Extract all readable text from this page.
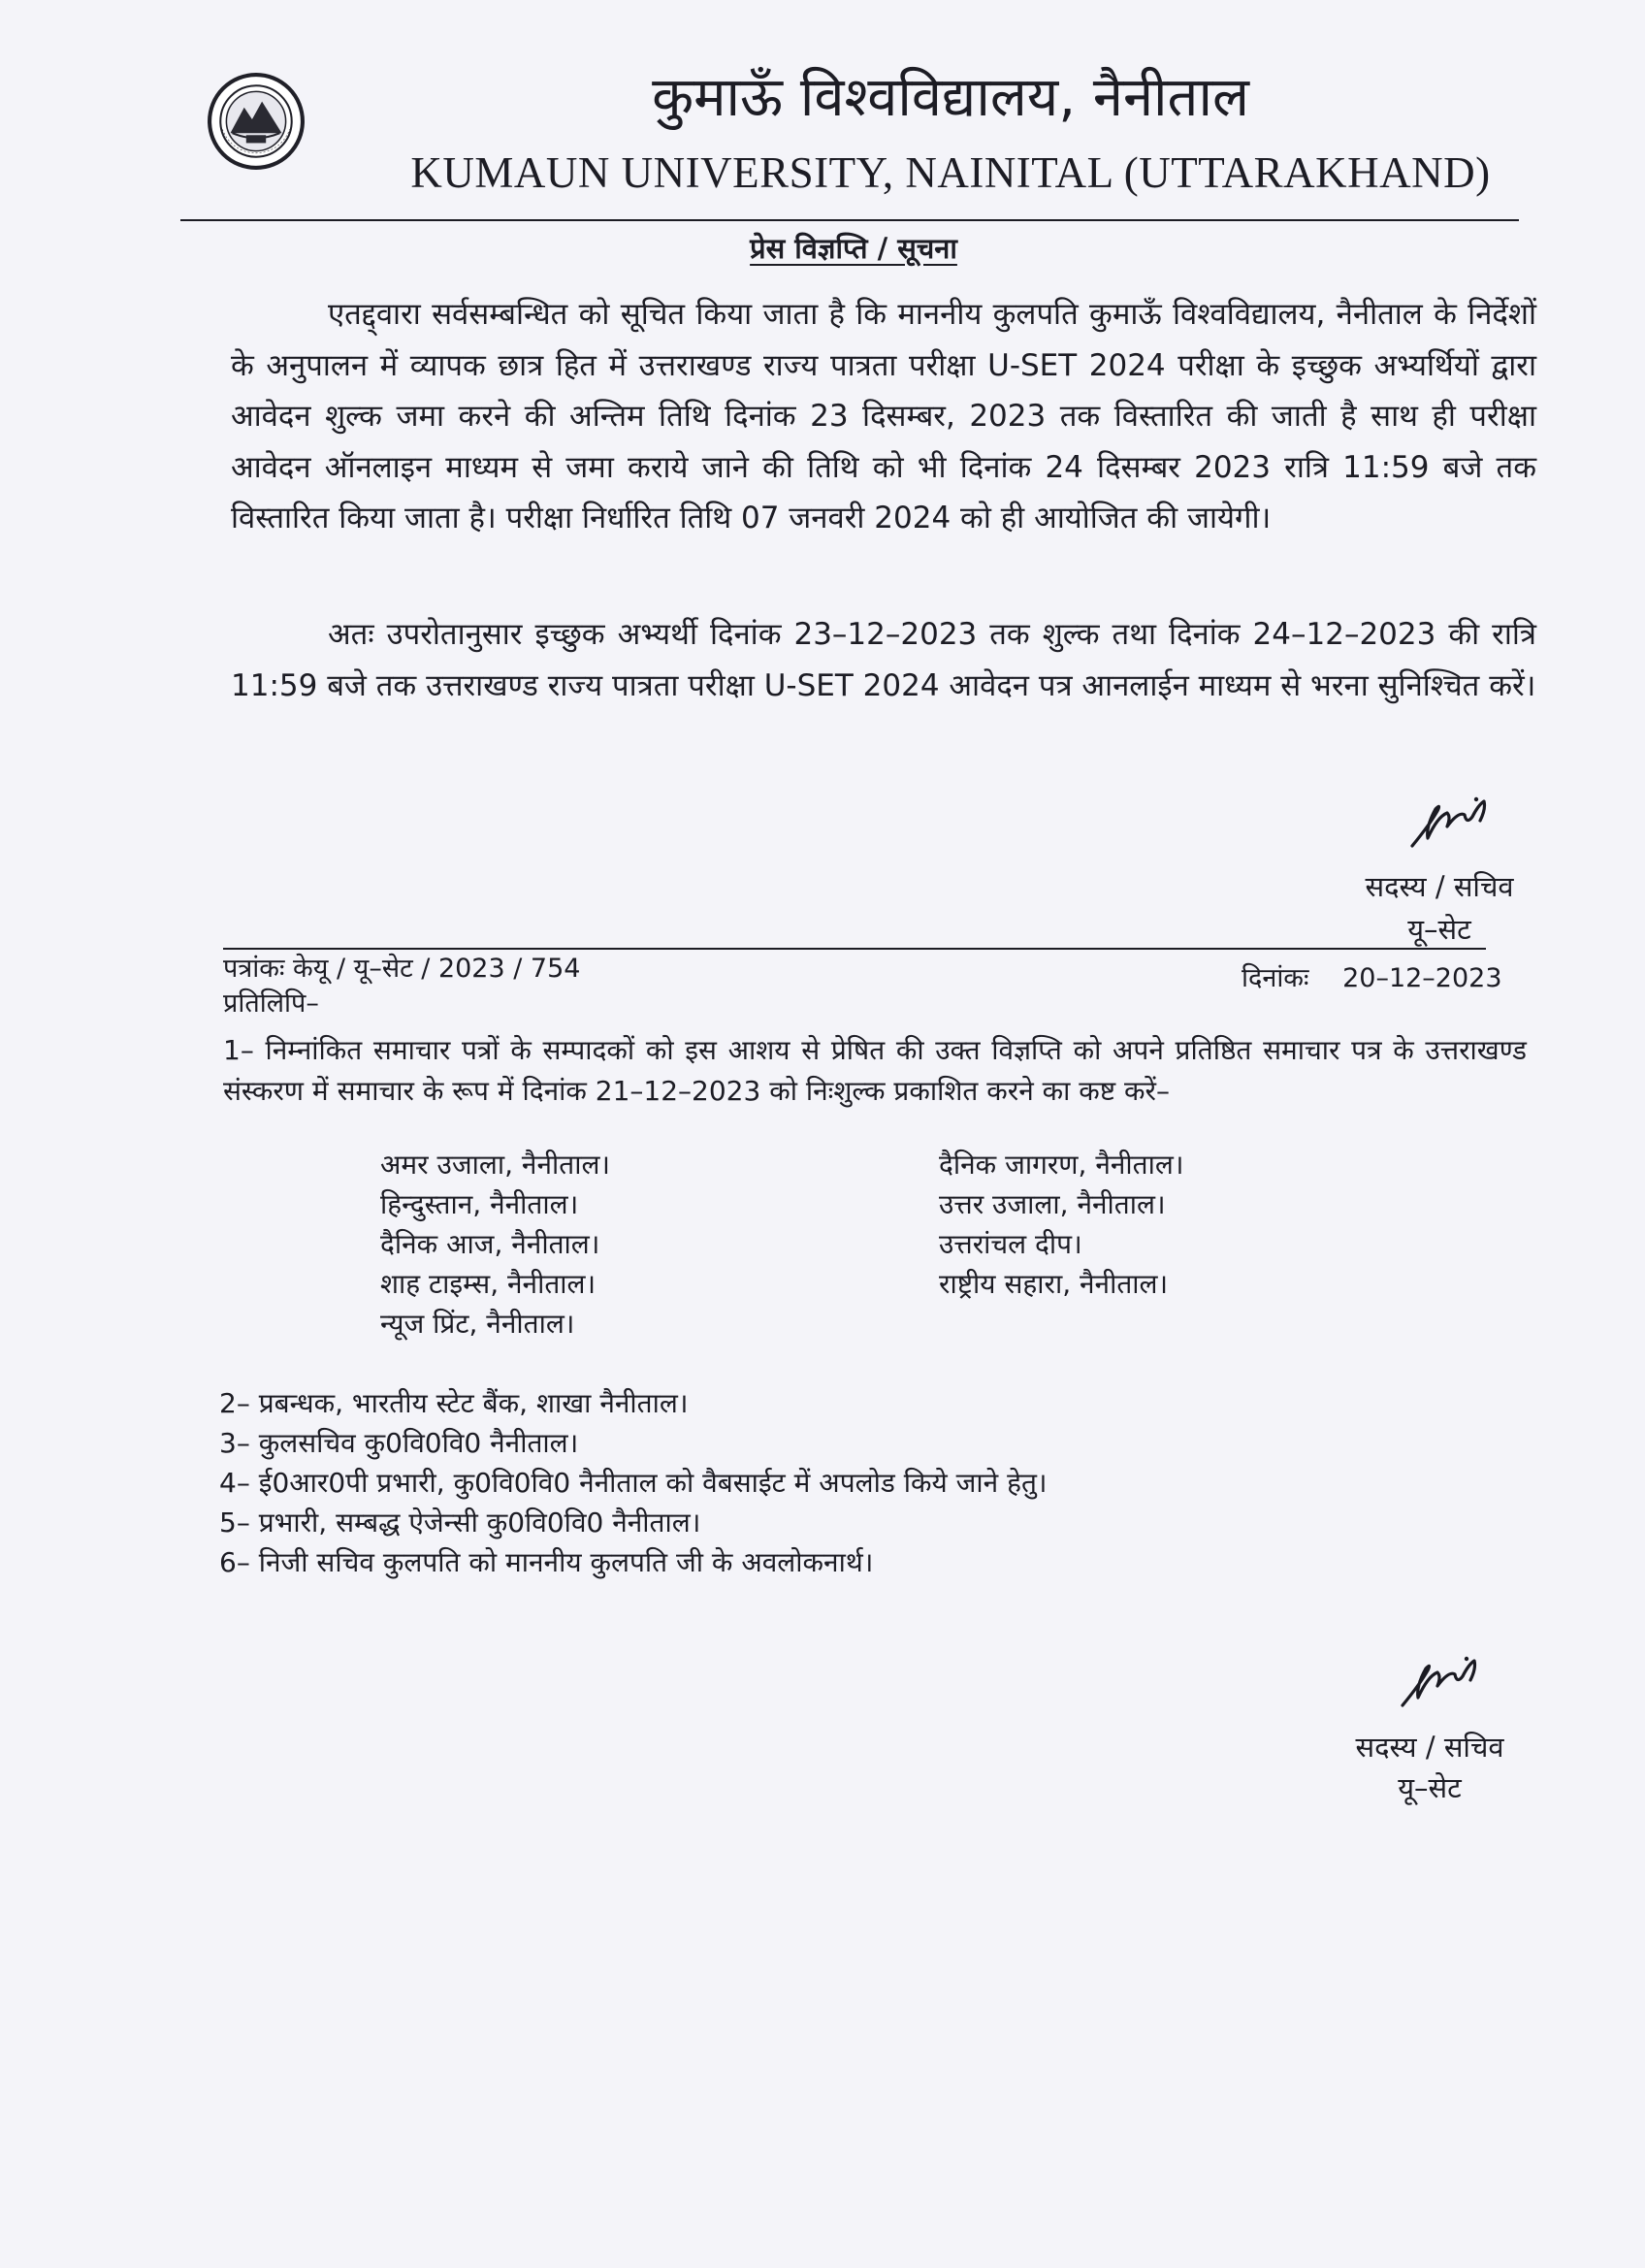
कुमाऊँ विश्वविद्यालय, नैनीताल
KUMAUN UNIVERSITY, NAINITAL (UTTARAKHAND)
प्रेस विज्ञप्ति / सूचना
एतद्द्वारा सर्वसम्बन्धित को सूचित किया जाता है कि माननीय कुलपति कुमाऊँ विश्वविद्यालय, नैनीताल के निर्देशों के अनुपालन में व्यापक छात्र हित में उत्तराखण्ड राज्य पात्रता परीक्षा U-SET 2024 परीक्षा के इच्छुक अभ्यर्थियों द्वारा आवेदन शुल्क जमा करने की अन्तिम तिथि दिनांक 23 दिसम्बर, 2023 तक विस्तारित की जाती है साथ ही परीक्षा आवेदन ऑनलाइन माध्यम से जमा कराये जाने की तिथि को भी दिनांक 24 दिसम्बर 2023 रात्रि 11:59 बजे तक विस्तारित किया जाता है। परीक्षा निर्धारित तिथि 07 जनवरी 2024 को ही आयोजित की जायेगी।
अतः उपरोतानुसार इच्छुक अभ्यर्थी दिनांक 23–12–2023 तक शुल्क तथा दिनांक 24–12–2023 की रात्रि 11:59 बजे तक उत्तराखण्ड राज्य पात्रता परीक्षा U-SET 2024 आवेदन पत्र आनलाईन माध्यम से भरना सुनिश्चित करें।
सदस्य / सचिव
यू–सेट
पत्रांकः केयू / यू–सेट / 2023 / 754	दिनांकः 20–12–2023
प्रतिलिपि–
1– निम्नांकित समाचार पत्रों के सम्पादकों को इस आशय से प्रेषित की उक्त विज्ञप्ति को अपने प्रतिष्ठित समाचार पत्र के उत्तराखण्ड संस्करण में समाचार के रूप में दिनांक 21–12–2023 को निःशुल्क प्रकाशित करने का कष्ट करें–
अमर उजाला, नैनीताल।
हिन्दुस्तान, नैनीताल।
दैनिक आज, नैनीताल।
शाह टाइम्स, नैनीताल।
न्यूज प्रिंट, नैनीताल।
दैनिक जागरण, नैनीताल।
उत्तर उजाला, नैनीताल।
उत्तरांचल दीप।
राष्ट्रीय सहारा, नैनीताल।
2– प्रबन्धक, भारतीय स्टेट बैंक, शाखा नैनीताल।
3– कुलसचिव कु0वि0वि0 नैनीताल।
4– ई0आर0पी प्रभारी, कु0वि0वि0 नैनीताल को वैबसाईट में अपलोड किये जाने हेतु।
5– प्रभारी, सम्बद्ध ऐजेन्सी कु0वि0वि0 नैनीताल।
6– निजी सचिव कुलपति को माननीय कुलपति जी के अवलोकनार्थ।
सदस्य / सचिव
यू–सेट
